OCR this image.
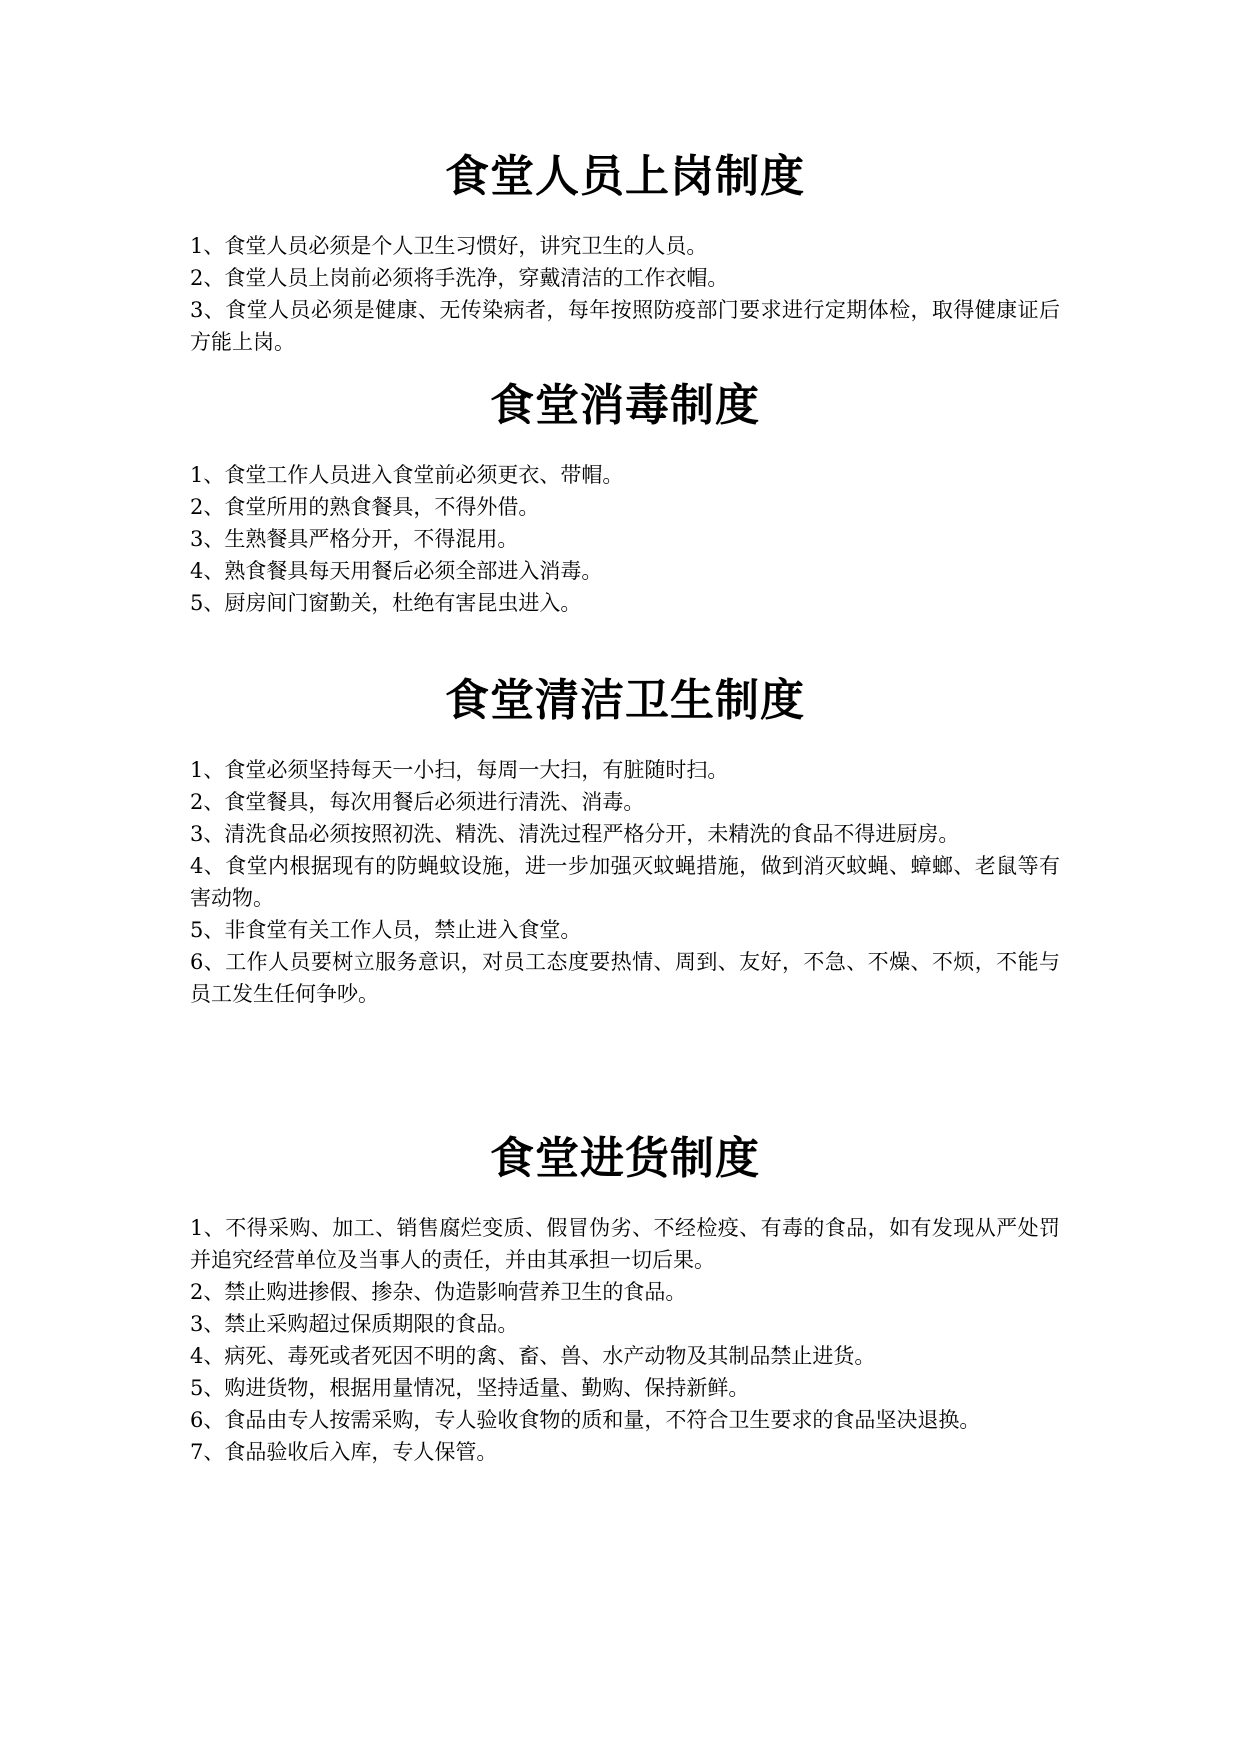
食堂人员上岗制度

1、食堂人员必须是个人卫生习惯好，讲究卫生的人员。

2、食堂人员上岗前必须将手洗净，穿戴清洁的工作衣帽。

3、食堂人员必须是健康、无传染病者，每年按照防疫部门要求进行定期体检，取得健康证后方能上岗。

食堂消毒制度

1、食堂工作人员进入食堂前必须更衣、带帽。

2、食堂所用的熟食餐具，不得外借。

3、生熟餐具严格分开，不得混用。

4、熟食餐具每天用餐后必须全部进入消毒。

5、厨房间门窗勤关，杜绝有害昆虫进入。

食堂清洁卫生制度

1、食堂必须坚持每天一小扫，每周一大扫，有脏随时扫。

2、食堂餐具，每次用餐后必须进行清洗、消毒。

3、清洗食品必须按照初洗、精洗、清洗过程严格分开，未精洗的食品不得进厨房。

4、食堂内根据现有的防蝇蚊设施，进一步加强灭蚊蝇措施，做到消灭蚊蝇、蟑螂、老鼠等有害动物。

5、非食堂有关工作人员，禁止进入食堂。

6、工作人员要树立服务意识，对员工态度要热情、周到、友好，不急、不燥、不烦，不能与员工发生任何争吵。

食堂进货制度

1、不得采购、加工、销售腐烂变质、假冒伪劣、不经检疫、有毒的食品，如有发现从严处罚并追究经营单位及当事人的责任，并由其承担一切后果。

2、禁止购进掺假、掺杂、伪造影响营养卫生的食品。

3、禁止采购超过保质期限的食品。

4、病死、毒死或者死因不明的禽、畜、兽、水产动物及其制品禁止进货。

5、购进货物，根据用量情况，坚持适量、勤购、保持新鲜。

6、食品由专人按需采购，专人验收食物的质和量，不符合卫生要求的食品坚决退换。

7、食品验收后入库，专人保管。
